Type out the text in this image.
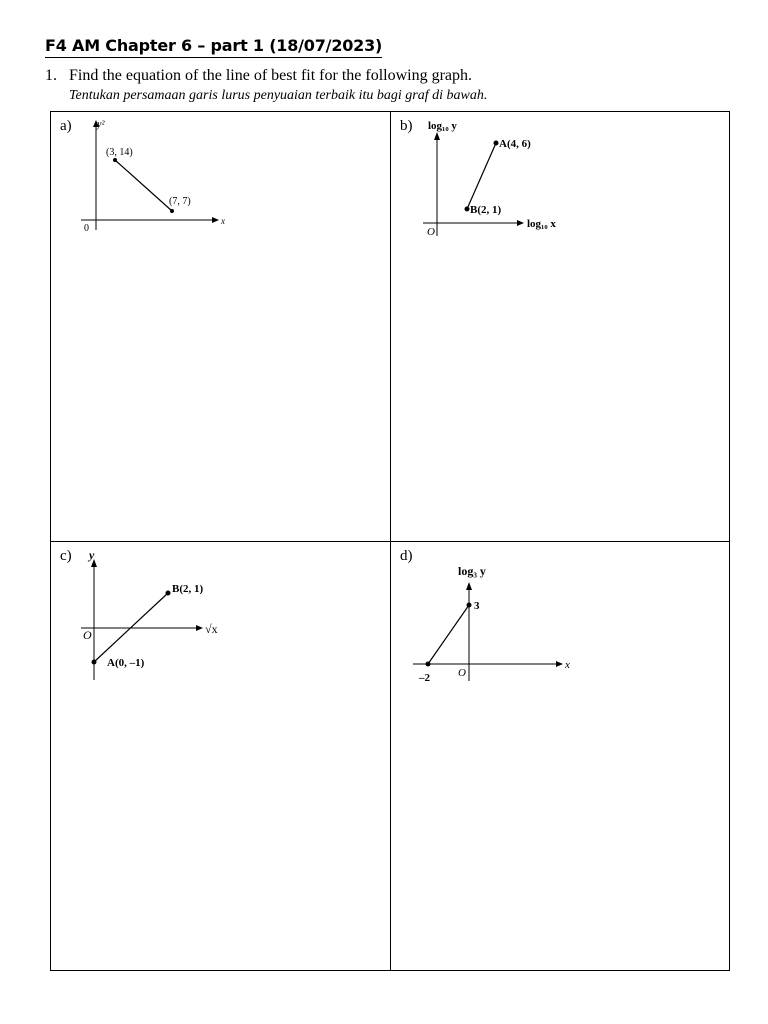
F4 AM Chapter 6 – part 1 (18/07/2023)
1. Find the equation of the line of best fit for the following graph.
Tentukan persamaan garis lurus penyuaian terbaik itu bagi graf di bawah.
a)	y²
x
0
(3, 14)
(7, 7)
b) log₁₀ y
log₁₀ x
O
A(4, 6)
B(2, 1)
c) y
√x
O
B(2, 1)
A(0, –1)
d)
log₃ y
x
O
3
–2
